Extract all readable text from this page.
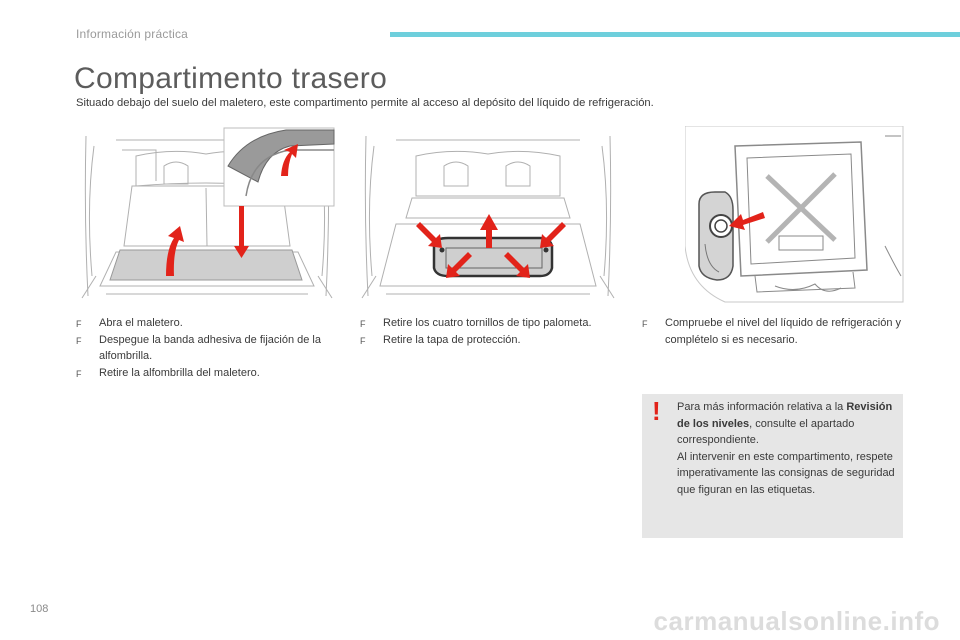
Información práctica
Compartimento trasero
Situado debajo del suelo del maletero, este compartimento permite al acceso al depósito del líquido de refrigeración.
F Abra el maletero.
F Despegue la banda adhesiva de fijación de la alfombrilla.
F Retire la alfombrilla del maletero.
F Retire los cuatro tornillos de tipo palometa.
F Retire la tapa de protección.
F Compruebe el nivel del líquido de refrigeración y complételo si es necesario.
! Para más información relativa a la Revisión de los niveles, consulte el apartado correspondiente.
Al intervenir en este compartimento, respete imperativamente las consignas de seguridad que figuran en las etiquetas.
108	carmanualsonline.info
